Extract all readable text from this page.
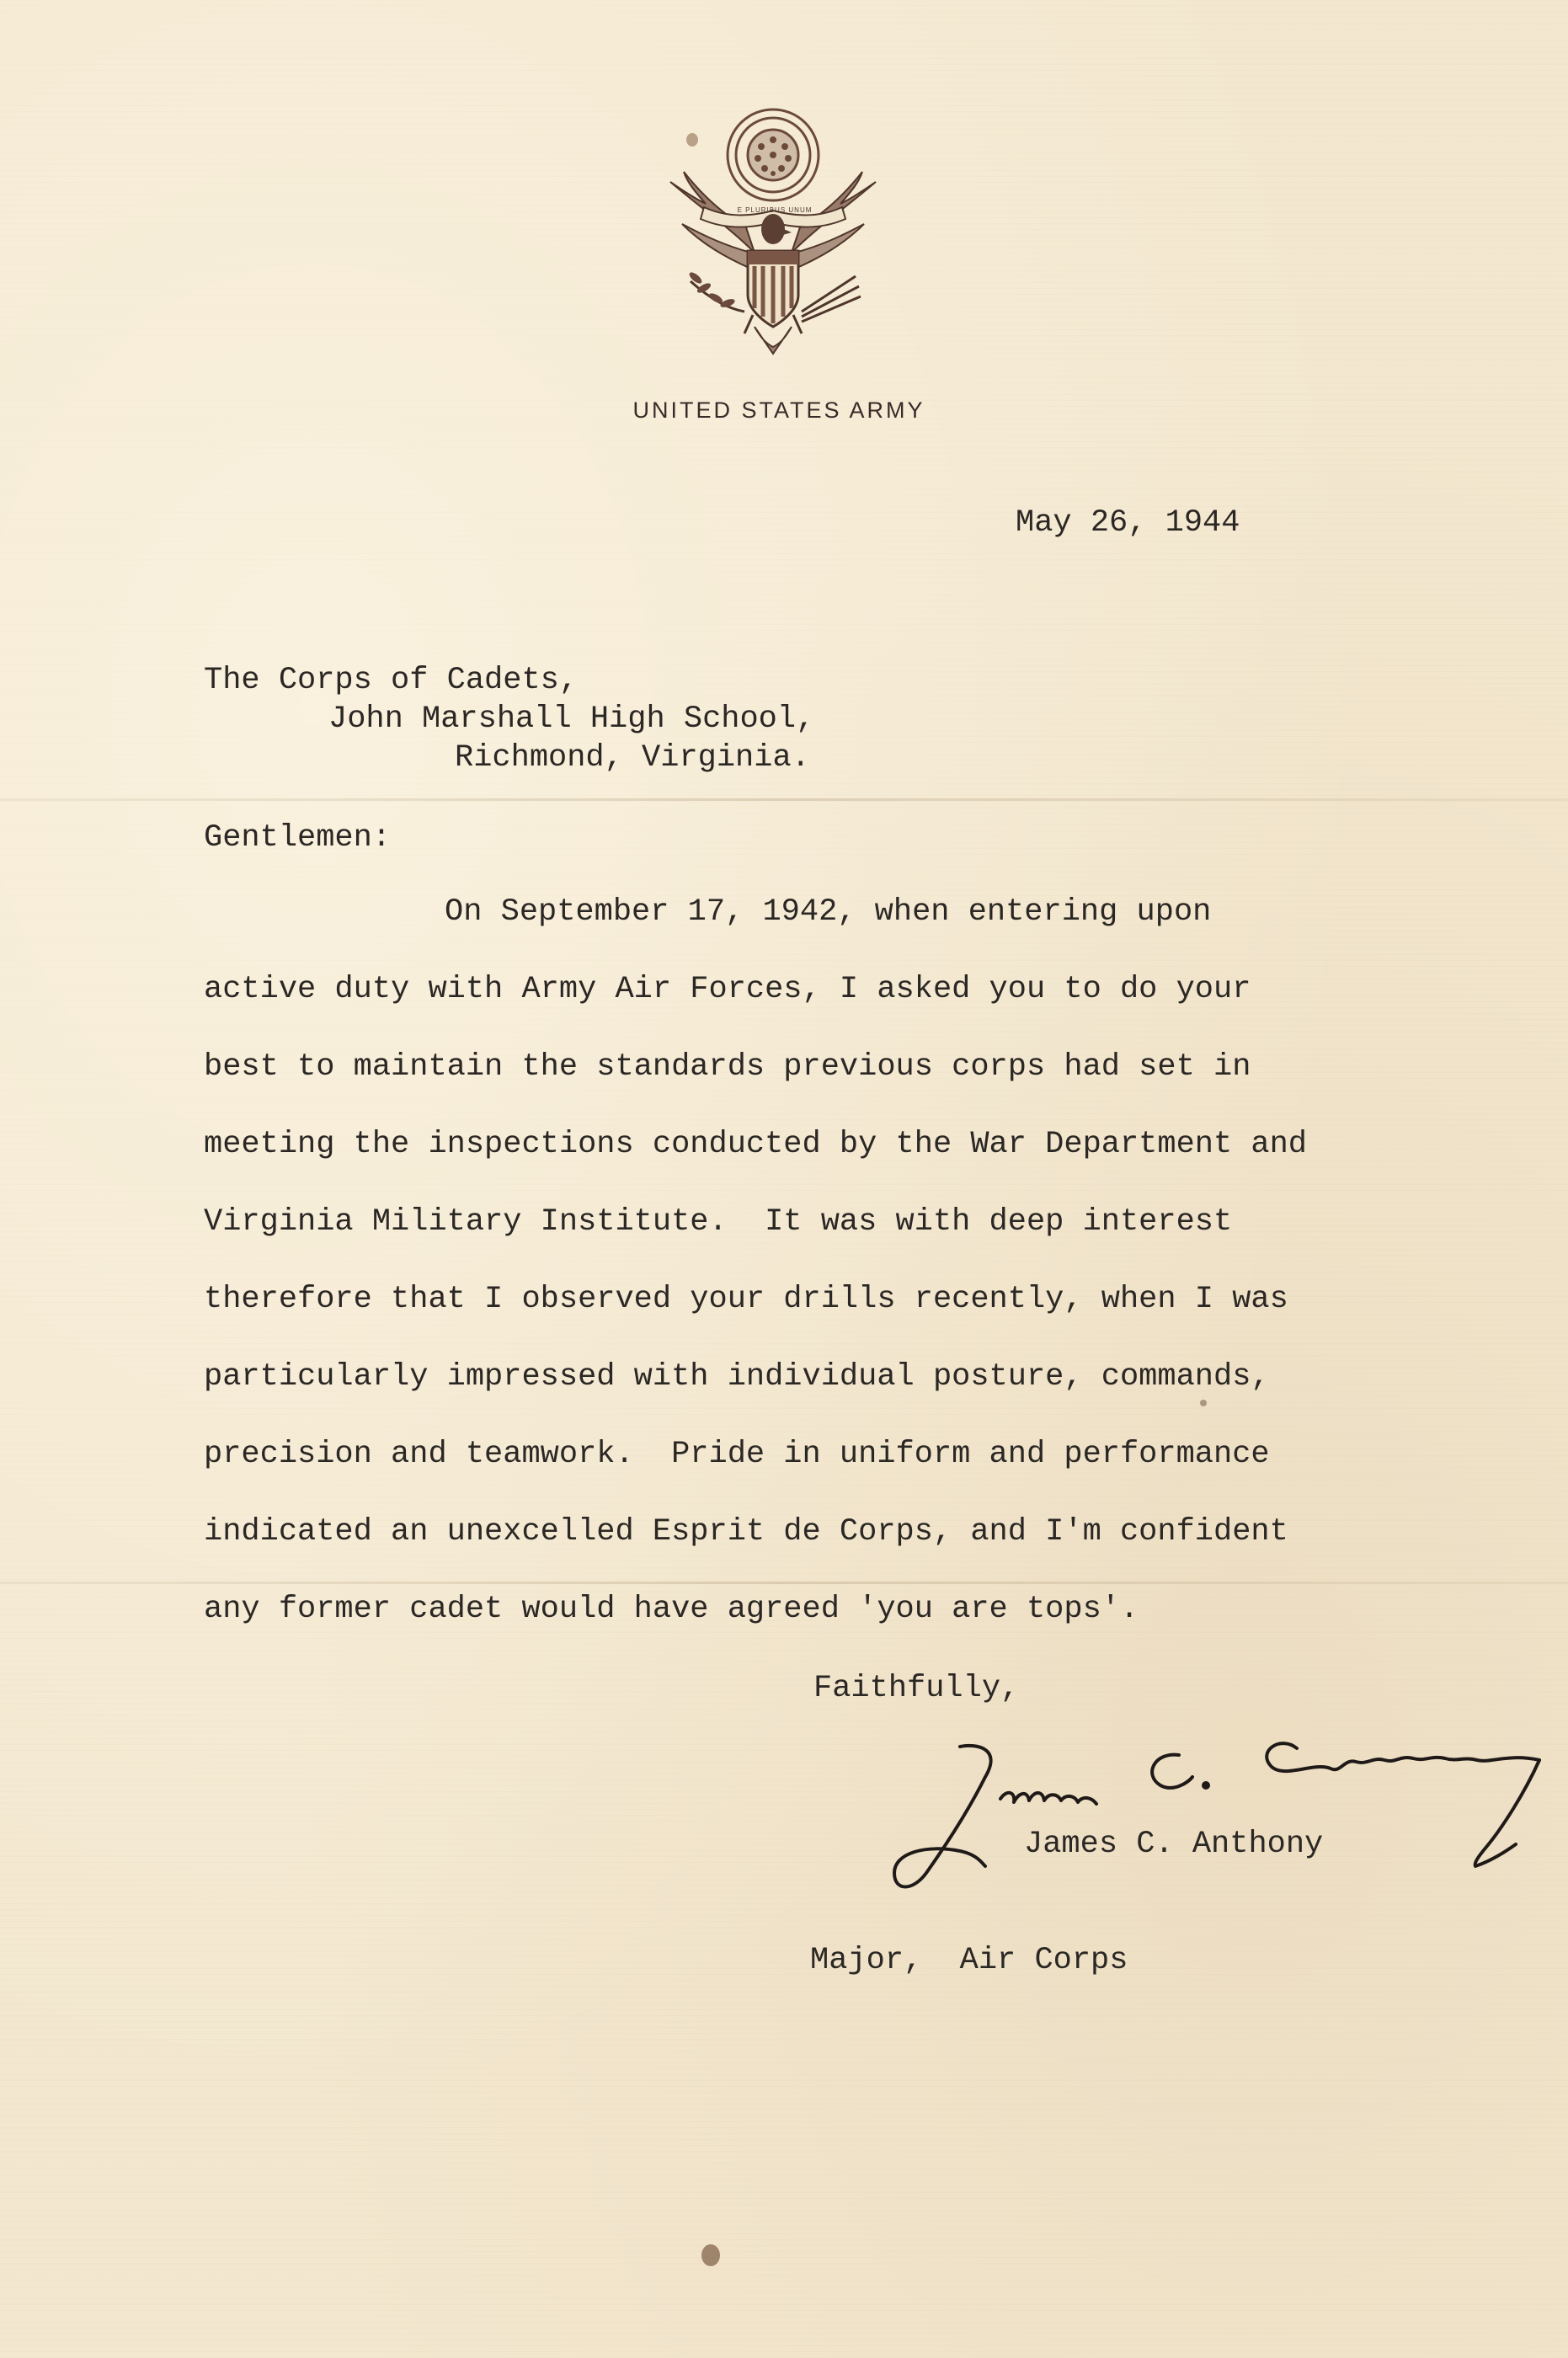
E PLURIBUS UNUM
UNITED STATES ARMY
May 26, 1944
The Corps of Cadets,
John Marshall High School,
Richmond, Virginia.
Gentlemen:
On September 17, 1942, when entering upon
active duty with Army Air Forces, I asked you to do your
best to maintain the standards previous corps had set in
meeting the inspections conducted by the War Department and
Virginia Military Institute.  It was with deep interest
therefore that I observed your drills recently, when I was
particularly impressed with individual posture, commands,
precision and teamwork.  Pride in uniform and performance
indicated an unexcelled Esprit de Corps, and I'm confident
any former cadet would have agreed 'you are tops'.
Faithfully,
James C. Anthony
Major,  Air Corps
